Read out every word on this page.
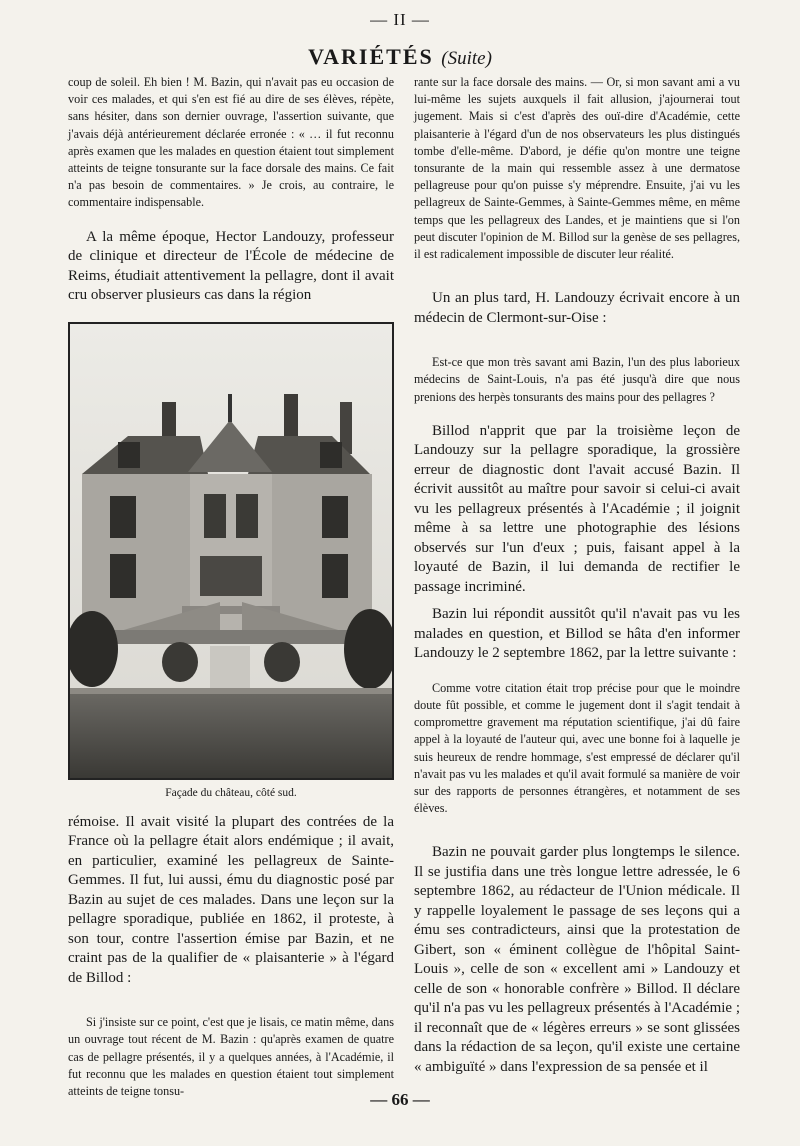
— II —
VARIÉTÉS (Suite)

coup de soleil. Eh bien ! M. Bazin, qui n'avait pas eu occasion de voir ces malades, et qui s'en est fié au dire de ses élèves, répète, sans hésiter, dans son dernier ouvrage, l'assertion suivante, que j'avais déjà antérieurement déclarée erronée : « … il fut reconnu après examen que les malades en question étaient tout simplement atteints de teigne tonsurante sur la face dorsale des mains. Ce fait n'a pas besoin de commentaires. » Je crois, au contraire, le commentaire indispensable.

A la même époque, Hector Landouzy, professeur de clinique et directeur de l'École de médecine de Reims, étudiait attentivement la pellagre, dont il avait cru observer plusieurs cas dans la région

Façade du château, côté sud.

rémoise. Il avait visité la plupart des contrées de la France où la pellagre était alors endémique ; il avait, en particulier, examiné les pellagreux de Sainte-Gemmes. Il fut, lui aussi, ému du diagnostic posé par Bazin au sujet de ces malades. Dans une leçon sur la pellagre sporadique, publiée en 1862, il proteste, à son tour, contre l'assertion émise par Bazin, et ne craint pas de la qualifier de « plaisanterie » à l'égard de Billod :

Si j'insiste sur ce point, c'est que je lisais, ce matin même, dans un ouvrage tout récent de M. Bazin : qu'après examen de quatre cas de pellagre présentés, il y a quelques années, à l'Académie, il fut reconnu que les malades en question étaient tout simplement atteints de teigne tonsu-

rante sur la face dorsale des mains. — Or, si mon savant ami a vu lui-même les sujets auxquels il fait allusion, j'ajournerai tout jugement. Mais si c'est d'après des ouï-dire d'Académie, cette plaisanterie à l'égard d'un de nos observateurs les plus distingués tombe d'elle-même. D'abord, je défie qu'on montre une teigne tonsurante de la main qui ressemble assez à une dermatose pellagreuse pour qu'on puisse s'y méprendre. Ensuite, j'ai vu les pellagreux de Sainte-Gemmes, à Sainte-Gemmes même, en même temps que les pellagreux des Landes, et je maintiens que si l'on peut discuter l'opinion de M. Billod sur la genèse de ses pellagres, il est radicalement impossible de discuter leur réalité.

Un an plus tard, H. Landouzy écrivait encore à un médecin de Clermont-sur-Oise :

Est-ce que mon très savant ami Bazin, l'un des plus laborieux médecins de Saint-Louis, n'a pas été jusqu'à dire que nous prenions des herpès tonsurants des mains pour des pellagres ?

Billod n'apprit que par la troisième leçon de Landouzy sur la pellagre sporadique, la grossière erreur de diagnostic dont l'avait accusé Bazin. Il écrivit aussitôt au maître pour savoir si celui-ci avait vu les pellagreux présentés à l'Académie ; il joignit même à sa lettre une photographie des lésions observés sur l'un d'eux ; puis, faisant appel à la loyauté de Bazin, il lui demanda de rectifier le passage incriminé.

Bazin lui répondit aussitôt qu'il n'avait pas vu les malades en question, et Billod se hâta d'en informer Landouzy le 2 septembre 1862, par la lettre suivante :

Comme votre citation était trop précise pour que le moindre doute fût possible, et comme le jugement dont il s'agit tendait à compromettre gravement ma réputation scientifique, j'ai dû faire appel à la loyauté de l'auteur qui, avec une bonne foi à laquelle je suis heureux de rendre hommage, s'est empressé de déclarer qu'il n'avait pas vu les malades et qu'il avait formulé sa manière de voir sur des rapports de personnes étrangères, et notamment de ses élèves.

Bazin ne pouvait garder plus longtemps le silence. Il se justifia dans une très longue lettre adressée, le 6 septembre 1862, au rédacteur de l'Union médicale. Il y rappelle loyalement le passage de ses leçons qui a ému ses contradicteurs, ainsi que la protestation de Gibert, son « éminent collègue de l'hôpital Saint-Louis », celle de son « excellent ami » Landouzy et celle de son « honorable confrère » Billod. Il déclare qu'il n'a pas vu les pellagreux présentés à l'Académie ; il reconnaît que de « légères erreurs » se sont glissées dans la rédaction de sa leçon, qu'il existe une certaine « ambiguïté » dans l'expression de sa pensée et il

— 66 —
